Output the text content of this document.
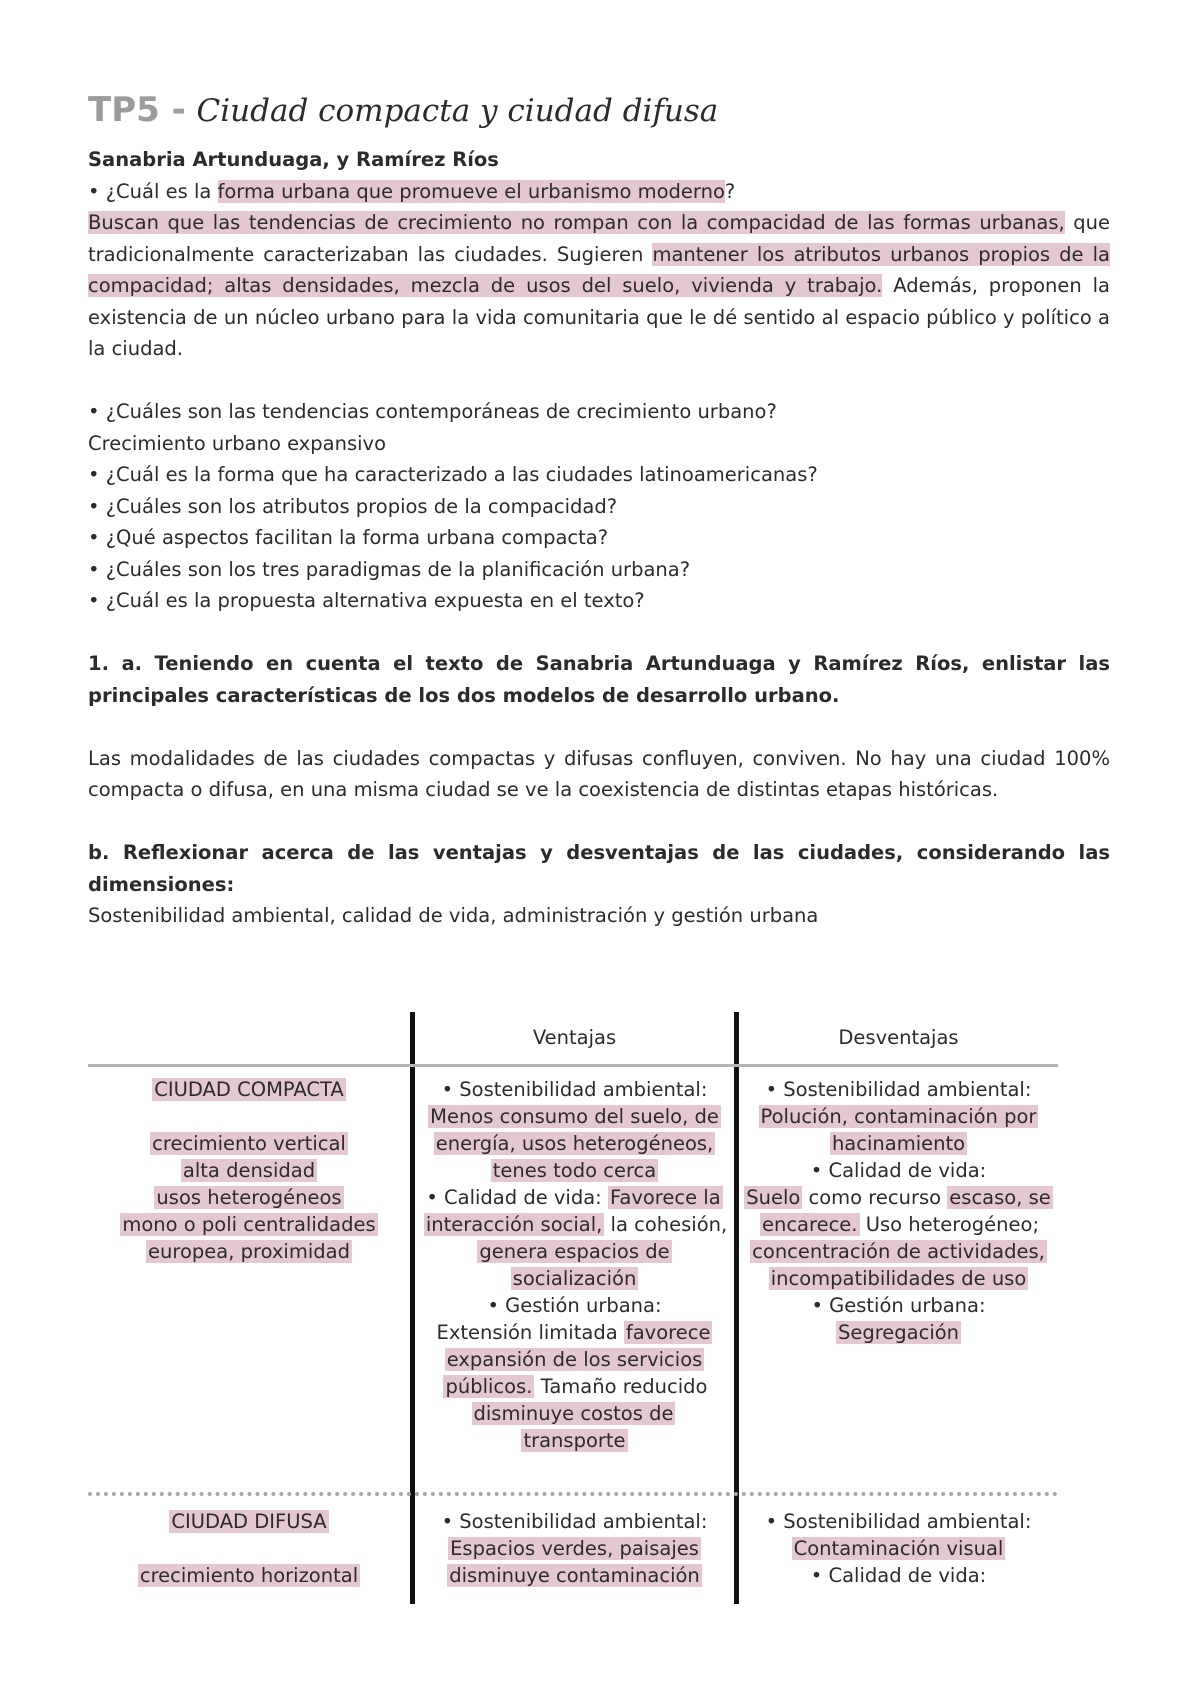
TP5 - Ciudad compacta y ciudad difusa

Sanabria Artunduaga, y Ramírez Ríos

• ¿Cuál es la forma urbana que promueve el urbanismo moderno?

Buscan que las tendencias de crecimiento no rompan con la compacidad de las formas urbanas, que tradicionalmente caracterizaban las ciudades. Sugieren mantener los atributos urbanos propios de la compacidad; altas densidades, mezcla de usos del suelo, vivienda y trabajo. Además, proponen la existencia de un núcleo urbano para la vida comunitaria que le dé sentido al espacio público y político a la ciudad.

• ¿Cuáles son las tendencias contemporáneas de crecimiento urbano?

Crecimiento urbano expansivo

• ¿Cuál es la forma que ha caracterizado a las ciudades latinoamericanas?

• ¿Cuáles son los atributos propios de la compacidad?

• ¿Qué aspectos facilitan la forma urbana compacta?

• ¿Cuáles son los tres paradigmas de la planificación urbana?

• ¿Cuál es la propuesta alternativa expuesta en el texto?

1. a. Teniendo en cuenta el texto de Sanabria Artunduaga y Ramírez Ríos, enlistar las principales características de los dos modelos de desarrollo urbano.

Las modalidades de las ciudades compactas y difusas confluyen, conviven. No hay una ciudad 100% compacta o difusa, en una misma ciudad se ve la coexistencia de distintas etapas históricas.

b. Reflexionar acerca de las ventajas y desventajas de las ciudades, considerando las dimensiones:

Sostenibilidad ambiental, calidad de vida, administración y gestión urbana

Ventajas	Desventajas
CIUDAD COMPACTA
crecimiento vertical
alta densidad
usos heterogéneos
mono o poli centralidades
europea, proximidad
• Sostenibilidad ambiental:
Menos consumo del suelo, de energía, usos heterogéneos, tenes todo cerca
• Calidad de vida: Favorece la interacción social, la cohesión, genera espacios de socialización
• Gestión urbana:
Extensión limitada favorece expansión de los servicios públicos. Tamaño reducido disminuye costos de transporte
• Sostenibilidad ambiental:
Polución, contaminación por hacinamiento
• Calidad de vida:
Suelo como recurso escaso, se encarece. Uso heterogéneo; concentración de actividades, incompatibilidades de uso
• Gestión urbana:
Segregación
CIUDAD DIFUSA
crecimiento horizontal
• Sostenibilidad ambiental:
Espacios verdes, paisajes disminuye contaminación
• Sostenibilidad ambiental:
Contaminación visual
• Calidad de vida:
